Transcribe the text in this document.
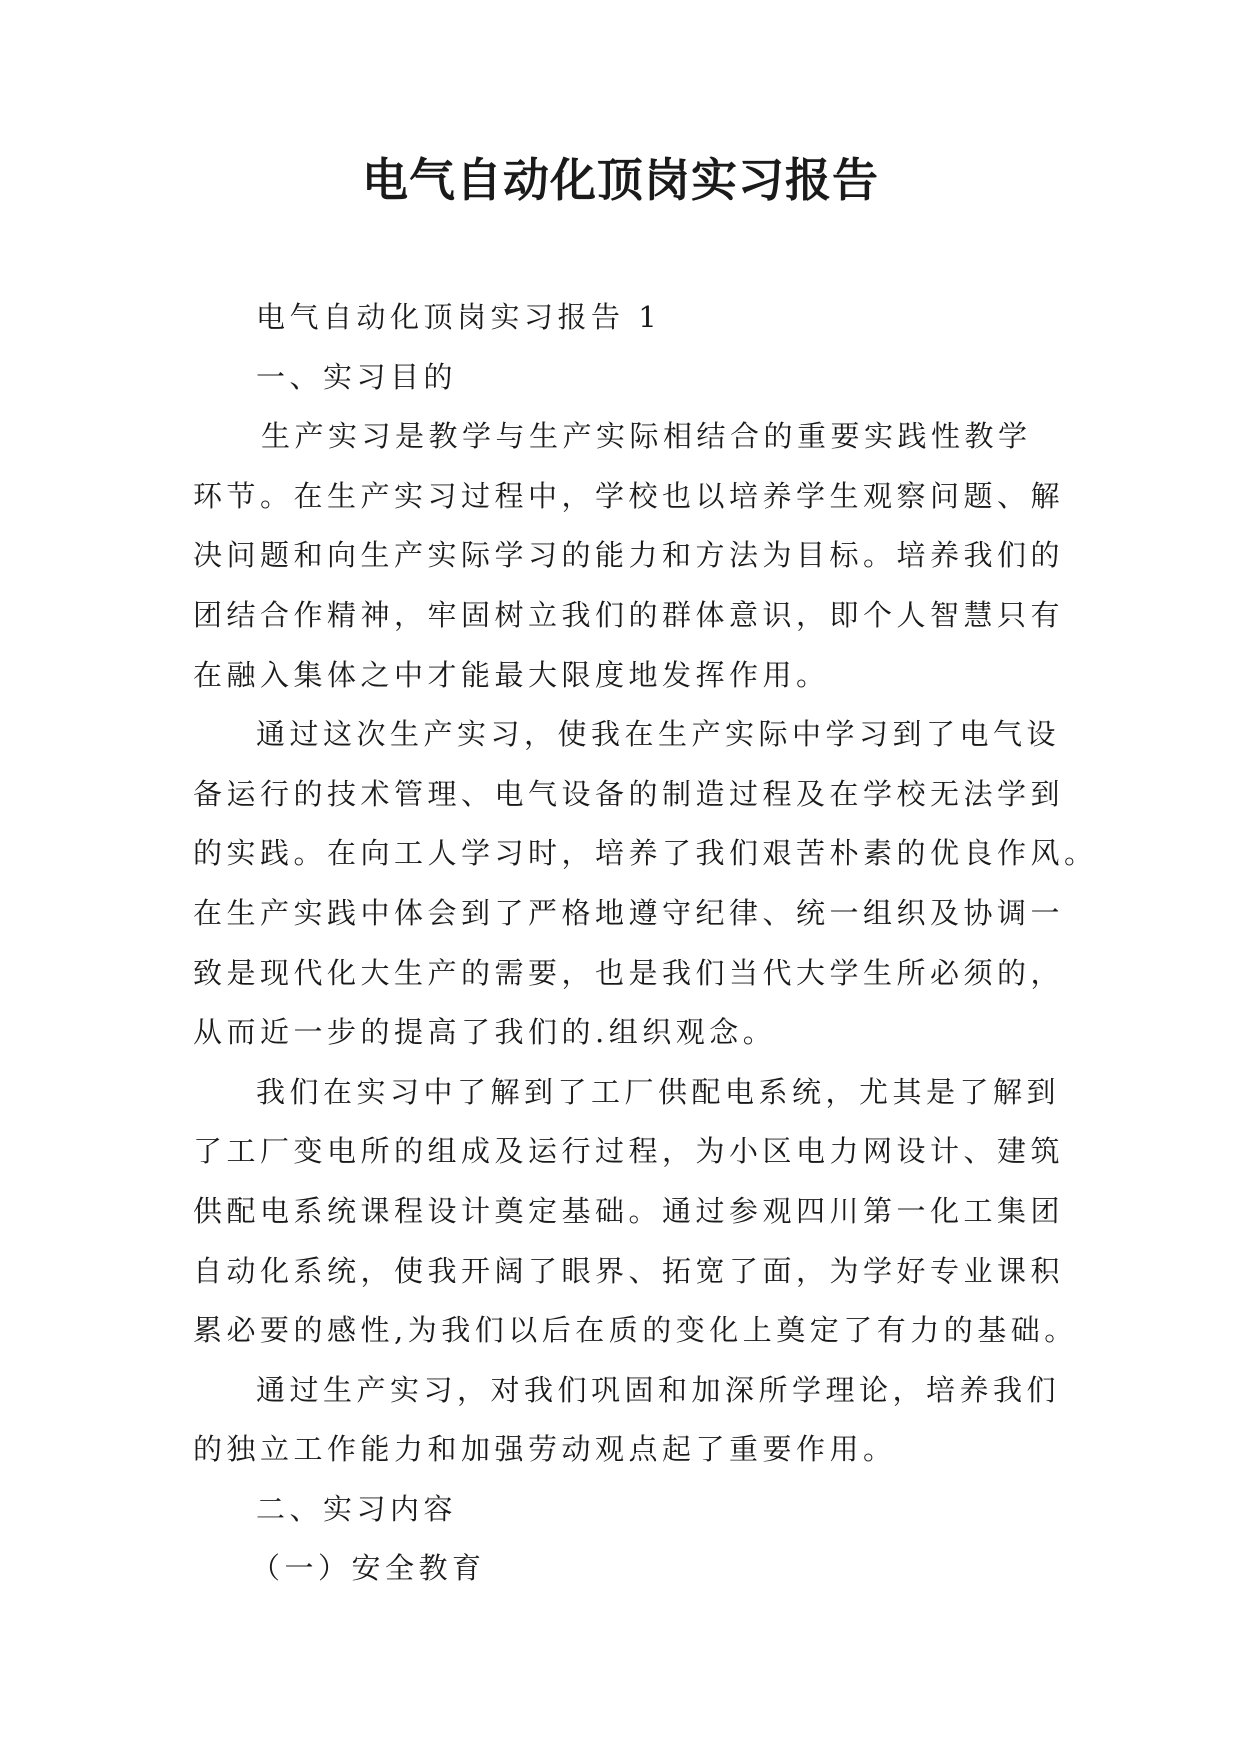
电气自动化顶岗实习报告
电气自动化顶岗实习报告 1
一、实习目的
生产实习是教学与生产实际相结合的重要实践性教学
环节。在生产实习过程中，学校也以培养学生观察问题、解
决问题和向生产实际学习的能力和方法为目标。培养我们的
团结合作精神，牢固树立我们的群体意识，即个人智慧只有
在融入集体之中才能最大限度地发挥作用。
通过这次生产实习，使我在生产实际中学习到了电气设
备运行的技术管理、电气设备的制造过程及在学校无法学到
的实践。在向工人学习时，培养了我们艰苦朴素的优良作风。
在生产实践中体会到了严格地遵守纪律、统一组织及协调一
致是现代化大生产的需要，也是我们当代大学生所必须的，
从而近一步的提高了我们的.组织观念。
我们在实习中了解到了工厂供配电系统，尤其是了解到
了工厂变电所的组成及运行过程，为小区电力网设计、建筑
供配电系统课程设计奠定基础。通过参观四川第一化工集团
自动化系统，使我开阔了眼界、拓宽了面，为学好专业课积
累必要的感性,为我们以后在质的变化上奠定了有力的基础。
通过生产实习，对我们巩固和加深所学理论，培养我们
的独立工作能力和加强劳动观点起了重要作用。
二、实习内容
（一）安全教育
